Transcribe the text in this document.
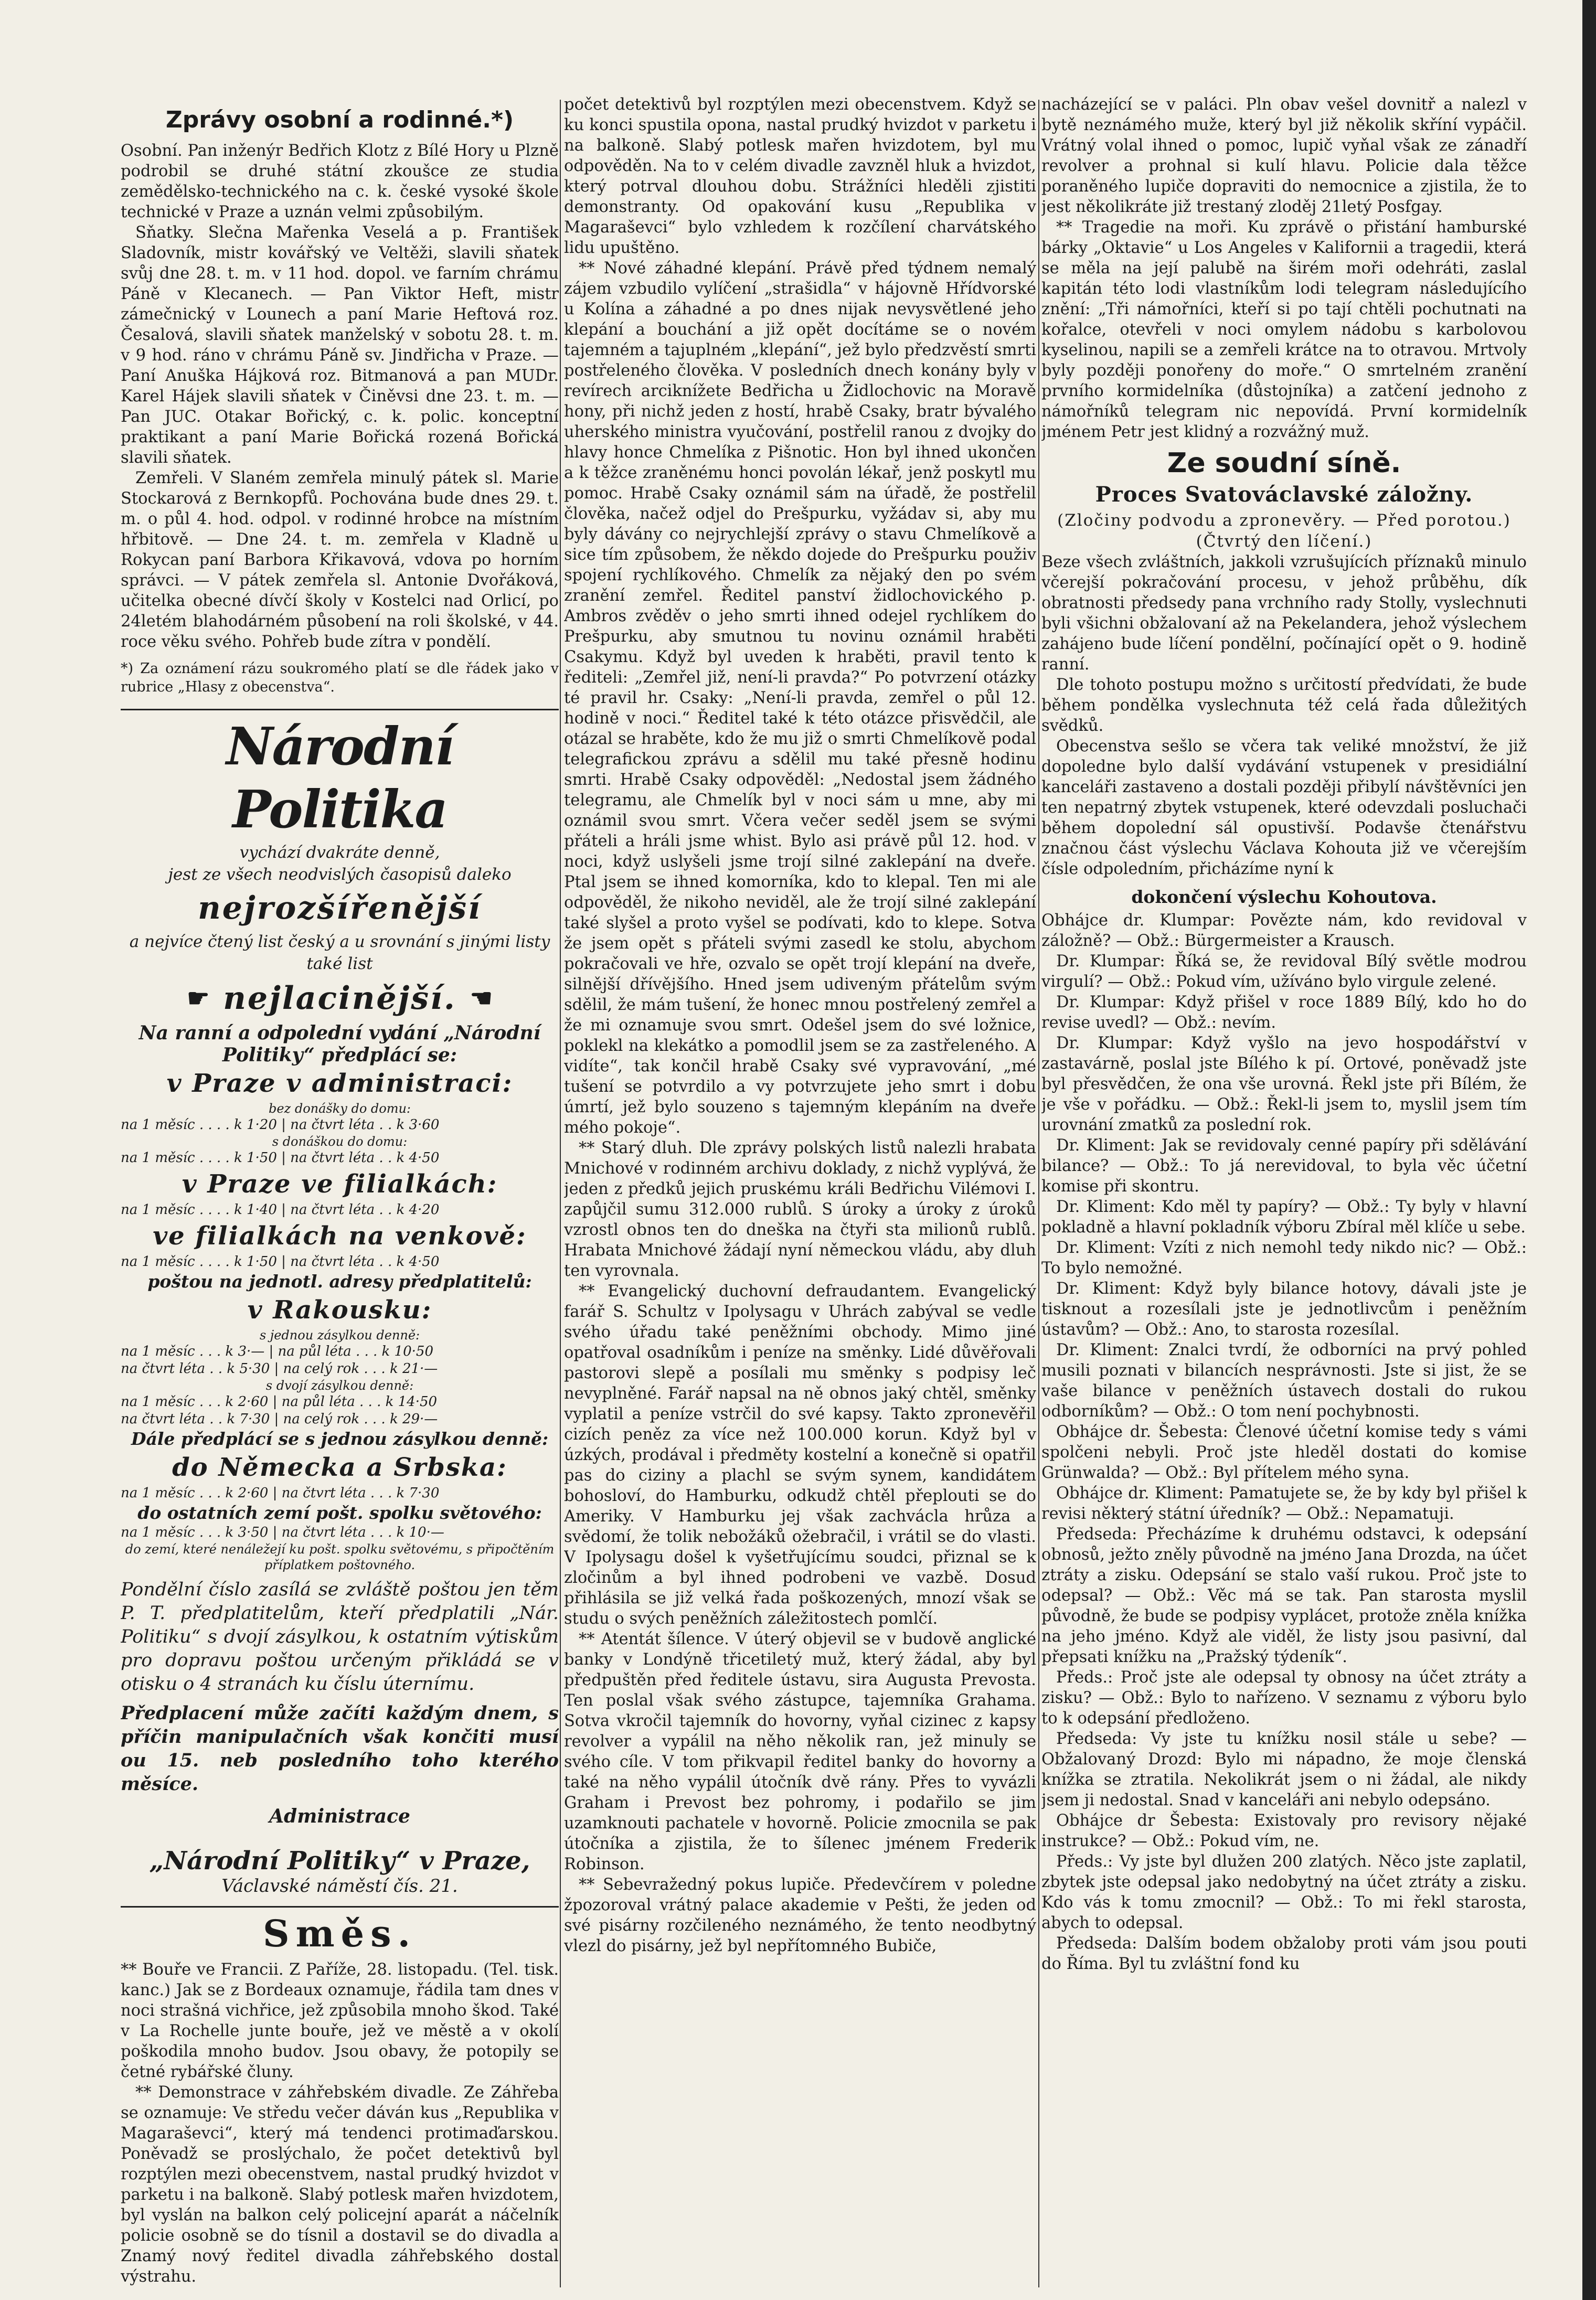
Zprávy osobní a rodinné.*)

Osobní. Pan inženýr Bedřich Klotz z Bílé Hory u Plzně podrobil se druhé státní zkoušce ze studia zemědělsko-technického na c. k. české vysoké škole technické v Praze a uznán velmi způsobilým.

Sňatky. Slečna Mařenka Veselá a p. František Sladovník, mistr kovářský ve Veltěži, slavili sňatek svůj dne 28. t. m. v 11 hod. dopol. ve farním chrámu Páně v Klecanech. — Pan Viktor Heft, mistr zámečnický v Lounech a paní Marie Heftová roz. Česalová, slavili sňatek manželský v sobotu 28. t. m. v 9 hod. ráno v chrámu Páně sv. Jindřicha v Praze. — Paní Anuška Hájková roz. Bitmanová a pan MUDr. Karel Hájek slavili sňatek v Činěvsi dne 23. t. m. — Pan JUC. Otakar Bořický, c. k. polic. konceptní praktikant a paní Marie Bořická rozená Bořická slavili sňatek.

Zemřeli. V Slaném zemřela minulý pátek sl. Marie Stockarová z Bernkopfů. Pochována bude dnes 29. t. m. o půl 4. hod. odpol. v rodinné hrobce na místním hřbitově. — Dne 24. t. m. zemřela v Kladně u Rokycan paní Barbora Křikavová, vdova po horním správci. — V pátek zemřela sl. Antonie Dvořáková, učitelka obecné dívčí školy v Kostelci nad Orlicí, po 24letém blahodárném působení na roli školské, v 44. roce věku svého. Pohřeb bude zítra v pondělí.

*) Za oznámení rázu soukromého platí se dle řádek jako v rubrice „Hlasy z obecenstva“.

Národní Politika

vychází dvakráte denně,

jest ze všech neodvislých časopisů daleko

nejrozšířenější

a nejvíce čtený list český a u srovnání s jinými listy také list

☛ nejlacinější. ☚

Na ranní a odpolední vydání „Národní Politiky“ předplácí se:

v Praze v administraci:

bez donášky do domu:

na 1 měsíc . . . . k 1·20 | na čtvrt léta . . k 3·60

s donáškou do domu:

na 1 měsíc . . . . k 1·50 | na čtvrt léta . . k 4·50

v Praze ve filialkách:

na 1 měsíc . . . . k 1·40 | na čtvrt léta . . k 4·20

ve filialkách na venkově:

na 1 měsíc . . . . k 1·50 | na čtvrt léta . . k 4·50

poštou na jednotl. adresy předplatitelů:

v Rakousku:

s jednou zásylkou denně:

na 1 měsíc . . . k 3·— | na půl léta . . . k 10·50

na čtvrt léta . . k 5·30 | na celý rok . . . k 21·—

s dvojí zásylkou denně:

na 1 měsíc . . . k 2·60 | na půl léta . . . k 14·50

na čtvrt léta . . k 7·30 | na celý rok . . . k 29·—

Dále předplácí se s jednou zásylkou denně:

do Německa a Srbska:

na 1 měsíc . . . k 2·60 | na čtvrt léta . . . k 7·30

do ostatních zemí pošt. spolku světového:

na 1 měsíc . . . k 3·50 | na čtvrt léta . . . k 10·—

do zemí, které nenáležejí ku pošt. spolku světovému, s připočtěním příplatkem poštovného.

Pondělní číslo zasílá se zvláště poštou jen těm P. T. předplatitelům, kteří předplatili „Nár. Politiku“ s dvojí zásylkou, k ostatním výtiskům pro dopravu poštou určeným přikládá se v otisku o 4 stranách ku číslu úternímu.

Předplacení může začíti každým dnem, s příčin manipulačních však končiti musí ou 15. neb posledního toho kterého měsíce.

Administrace

„Národní Politiky“ v Praze,

Václavské náměstí čís. 21.

Směs.

** Bouře ve Francii. Z Paříže, 28. listopadu. (Tel. tisk. kanc.) Jak se z Bordeaux oznamuje, řádila tam dnes v noci strašná vichřice, jež způsobila mnoho škod. Také v La Rochelle junte bouře, jež ve městě a v okolí poškodila mnoho budov. Jsou obavy, že potopily se četné rybářské čluny.

** Demonstrace v záhřebském divadle. Ze Záhřeba se oznamuje: Ve středu večer dáván kus „Republika v Magaraševci“, který má tendenci protimaďarskou. Poněvadž se proslýchalo, že počet detektivů byl rozptýlen mezi obecenstvem, nastal prudký hvizdot v parketu i na balkoně. Slabý potlesk mařen hvizdotem, byl vyslán na balkon celý policejní aparát a náčelník policie osobně se do tísnil a dostavil se do divadla a Znamý nový ředitel divadla záhřebského dostal výstrahu.

počet detektivů byl rozptýlen mezi obecenstvem. Když se ku konci spustila opona, nastal prudký hvizdot v parketu i na balkoně. Slabý potlesk mařen hvizdotem, byl mu odpověděn. Na to v celém divadle zavzněl hluk a hvizdot, který potrval dlouhou dobu. Strážníci hleděli zjistiti demonstranty. Od opakování kusu „Republika v Magaraševci“ bylo vzhledem k rozčílení charvátského lidu upuštěno.

** Nové záhadné klepání. Právě před týdnem nemalý zájem vzbudilo vylíčení „strašidla“ v hájovně Hřídvorské u Kolína a záhadné a po dnes nijak nevysvětlené jeho klepání a bouchání a již opět docítáme se o novém tajemném a tajuplném „klepání“, jež bylo předzvěstí smrti postřeleného člověka. V posledních dnech konány byly v revírech arciknížete Bedřicha u Židlochovic na Moravě hony, při nichž jeden z hostí, hrabě Csaky, bratr bývalého uherského ministra vyučování, postřelil ranou z dvojky do hlavy honce Chmelíka z Pišnotic. Hon byl ihned ukončen a k těžce zraněnému honci povolán lékař, jenž poskytl mu pomoc. Hrabě Csaky oznámil sám na úřadě, že postřelil člověka, načež odjel do Prešpurku, vyžádav si, aby mu byly dávány co nejrychlejší zprávy o stavu Chmelíkově a sice tím způsobem, že někdo dojede do Prešpurku použiv spojení rychlíkového. Chmelík za nějaký den po svém zranění zemřel. Ředitel panství židlochovického p. Ambros zvěděv o jeho smrti ihned odejel rychlíkem do Prešpurku, aby smutnou tu novinu oznámil hraběti Csakymu. Když byl uveden k hraběti, pravil tento k řediteli: „Zemřel již, není-li pravda?“ Po potvrzení otázky té pravil hr. Csaky: „Není-li pravda, zemřel o půl 12. hodině v noci.“ Ředitel také k této otázce přisvědčil, ale otázal se hraběte, kdo že mu již o smrti Chmelíkově podal telegrafickou zprávu a sdělil mu také přesně hodinu smrti. Hrabě Csaky odpověděl: „Nedostal jsem žádného telegramu, ale Chmelík byl v noci sám u mne, aby mi oznámil svou smrt. Včera večer seděl jsem se svými přáteli a hráli jsme whist. Bylo asi právě půl 12. hod. v noci, když uslyšeli jsme trojí silné zaklepání na dveře. Ptal jsem se ihned komorníka, kdo to klepal. Ten mi ale odpověděl, že nikoho neviděl, ale že trojí silné zaklepání také slyšel a proto vyšel se podívati, kdo to klepe. Sotva že jsem opět s přáteli svými zasedl ke stolu, abychom pokračovali ve hře, ozvalo se opět trojí klepání na dveře, silnější dřívějšího. Hned jsem udiveným přátelům svým sdělil, že mám tušení, že honec mnou postřelený zemřel a že mi oznamuje svou smrt. Odešel jsem do své ložnice, poklekl na klekátko a pomodlil jsem se za zastřeleného. A vidíte“, tak končil hrabě Csaky své vypravování, „mé tušení se potvrdilo a vy potvrzujete jeho smrt i dobu úmrtí, jež bylo souzeno s tajemným klepáním na dveře mého pokoje“.

** Starý dluh. Dle zprávy polských listů nalezli hrabata Mnichové v rodinném archivu doklady, z nichž vyplývá, že jeden z předků jejich pruskému králi Bedřichu Vilémovi I. zapůjčil sumu 312.000 rublů. S úroky a úroky z úroků vzrostl obnos ten do dneška na čtyři sta milionů rublů. Hrabata Mnichové žádají nyní německou vládu, aby dluh ten vyrovnala.

** Evangelický duchovní defraudantem. Evangelický farář S. Schultz v Ipolysagu v Uhrách zabýval se vedle svého úřadu také peněžními obchody. Mimo jiné opatřoval osadníkům i peníze na směnky. Lidé důvěřovali pastorovi slepě a posílali mu směnky s podpisy leč nevyplněné. Farář napsal na ně obnos jaký chtěl, směnky vyplatil a peníze vstrčil do své kapsy. Takto zpronevěřil cizích peněz za více než 100.000 korun. Když byl v úzkých, prodával i předměty kostelní a konečně si opatřil pas do ciziny a plachl se svým synem, kandidátem bohosloví, do Hamburku, odkudž chtěl přeplouti se do Ameriky. V Hamburku jej však zachvácla hrůza a svědomí, že tolik nebožáků ožebračil, i vrátil se do vlasti. V Ipolysagu došel k vyšetřujícímu soudci, přiznal se k zločinům a byl ihned podrobeni ve vazbě. Dosud přihlásila se již velká řada poškozených, mnozí však se studu o svých peněžních záležitostech pomlčí.

** Atentát šílence. V úterý objevil se v budově anglické banky v Londýně třicetiletý muž, který žádal, aby byl předpuštěn před ředitele ústavu, sira Augusta Prevosta. Ten poslal však svého zástupce, tajemníka Grahama. Sotva vkročil tajemník do hovorny, vyňal cizinec z kapsy revolver a vypálil na něho několik ran, jež minuly se svého cíle. V tom přikvapil ředitel banky do hovorny a také na něho vypálil útočník dvě rány. Přes to vyvázli Graham i Prevost bez pohromy, i podařilo se jim uzamknouti pachatele v hovorně. Policie zmocnila se pak útočníka a zjistila, že to šílenec jménem Frederik Robinson.

** Sebevražedný pokus lupiče. Předevčírem v poledne žpozoroval vrátný palace akademie v Pešti, že jeden od své pisárny rozčileného neznámého, že tento neodbytný vlezl do pisárny, jež byl nepřítomného Bubiče,

nacházející se v paláci. Pln obav vešel dovnitř a nalezl v bytě neznámého muže, který byl již několik skříní vypáčil. Vrátný volal ihned o pomoc, lupič vyňal však ze zánadří revolver a prohnal si kulí hlavu. Policie dala těžce poraněného lupiče dopraviti do nemocnice a zjistila, že to jest několikráte již trestaný zloděj 21letý Posfgay.

** Tragedie na moři. Ku zprávě o přistání hamburské bárky „Oktavie“ u Los Angeles v Kalifornii a tragedii, která se měla na její palubě na širém moři odehráti, zaslal kapitán této lodi vlastníkům lodi telegram následujícího znění: „Tři námořníci, kteří si po tají chtěli pochutnati na kořalce, otevřeli v noci omylem nádobu s karbolovou kyselinou, napili se a zemřeli krátce na to otravou. Mrtvoly byly později ponořeny do moře.“ O smrtelném zranění prvního kormidelníka (důstojníka) a zatčení jednoho z námořníků telegram nic nepovídá. První kormidelník jménem Petr jest klidný a rozvážný muž.

Ze soudní síně.

Proces Svatováclavské záložny.

(Zločiny podvodu a zpronevěry. — Před porotou.)

(Čtvrtý den líčení.)

Beze všech zvláštních, jakkoli vzrušujících příznaků minulo včerejší pokračování procesu, v jehož průběhu, dík obratnosti předsedy pana vrchního rady Stolly, vyslechnuti byli všichni obžalovaní až na Pekelandera, jehož výslechem zahájeno bude líčení pondělní, počínající opět o 9. hodině ranní.

Dle tohoto postupu možno s určitostí předvídati, že bude během pondělka vyslechnuta též celá řada důležitých svědků.

Obecenstva sešlo se včera tak veliké množství, že již dopoledne bylo další vydávání vstupenek v presidiální kanceláři zastaveno a dostali později přibylí návštěvníci jen ten nepatrný zbytek vstupenek, které odevzdali posluchači během dopolední sál opustivší. Podavše čtenářstvu značnou část výslechu Václava Kohouta již ve včerejším čísle odpoledním, přicházíme nyní k

dokončení výslechu Kohoutova.

Obhájce dr. Klumpar: Povězte nám, kdo revidoval v záložně? — Obž.: Bürgermeister a Krausch.

Dr. Klumpar: Říká se, že revidoval Bílý světle modrou virgulí? — Obž.: Pokud vím, užíváno bylo virgule zelené.

Dr. Klumpar: Když přišel v roce 1889 Bílý, kdo ho do revise uvedl? — Obž.: nevím.

Dr. Klumpar: Když vyšlo na jevo hospodářství v zastavárně, poslal jste Bílého k pí. Ortové, poněvadž jste byl přesvědčen, že ona vše urovná. Řekl jste při Bílém, že je vše v pořádku. — Obž.: Řekl-li jsem to, myslil jsem tím urovnání zmatků za poslední rok.

Dr. Kliment: Jak se revidovaly cenné papíry při sdělávání bilance? — Obž.: To já nerevidoval, to byla věc účetní komise při skontru.

Dr. Kliment: Kdo měl ty papíry? — Obž.: Ty byly v hlavní pokladně a hlavní pokladník výboru Zbíral měl klíče u sebe.

Dr. Kliment: Vzíti z nich nemohl tedy nikdo nic? — Obž.: To bylo nemožné.

Dr. Kliment: Když byly bilance hotovy, dávali jste je tisknout a rozesílali jste je jednotlivcům i peněžním ústavům? — Obž.: Ano, to starosta rozesílal.

Dr. Kliment: Znalci tvrdí, že odborníci na prvý pohled musili poznati v bilancích nesprávnosti. Jste si jist, že se vaše bilance v peněžních ústavech dostali do rukou odborníkům? — Obž.: O tom není pochybnosti.

Obhájce dr. Šebesta: Členové účetní komise tedy s vámi spolčeni nebyli. Proč jste hleděl dostati do komise Grünwalda? — Obž.: Byl přítelem mého syna.

Obhájce dr. Kliment: Pamatujete se, že by kdy byl přišel k revisi některý státní úředník? — Obž.: Nepamatuji.

Předseda: Přecházíme k druhému odstavci, k odepsání obnosů, ježto zněly původně na jméno Jana Drozda, na účet ztráty a zisku. Odepsání se stalo vaší rukou. Proč jste to odepsal? — Obž.: Věc má se tak. Pan starosta myslil původně, že bude se podpisy vyplácet, protože zněla knížka na jeho jméno. Když ale viděl, že listy jsou pasivní, dal přepsati knížku na „Pražský týdeník“.

Předs.: Proč jste ale odepsal ty obnosy na účet ztráty a zisku? — Obž.: Bylo to nařízeno. V seznamu z výboru bylo to k odepsání předloženo.

Předseda: Vy jste tu knížku nosil stále u sebe? — Obžalovaný Drozd: Bylo mi nápadno, že moje členská knížka se ztratila. Nekolikrát jsem o ni žádal, ale nikdy jsem ji nedostal. Snad v kanceláři ani nebylo odepsáno.

Obhájce dr Šebesta: Existovaly pro revisory nějaké instrukce? — Obž.: Pokud vím, ne.

Předs.: Vy jste byl dlužen 200 zlatých. Něco jste zaplatil, zbytek jste odepsal jako nedobytný na účet ztráty a zisku. Kdo vás k tomu zmocnil? — Obž.: To mi řekl starosta, abych to odepsal.

Předseda: Dalším bodem obžaloby proti vám jsou pouti do Říma. Byl tu zvláštní fond ku
